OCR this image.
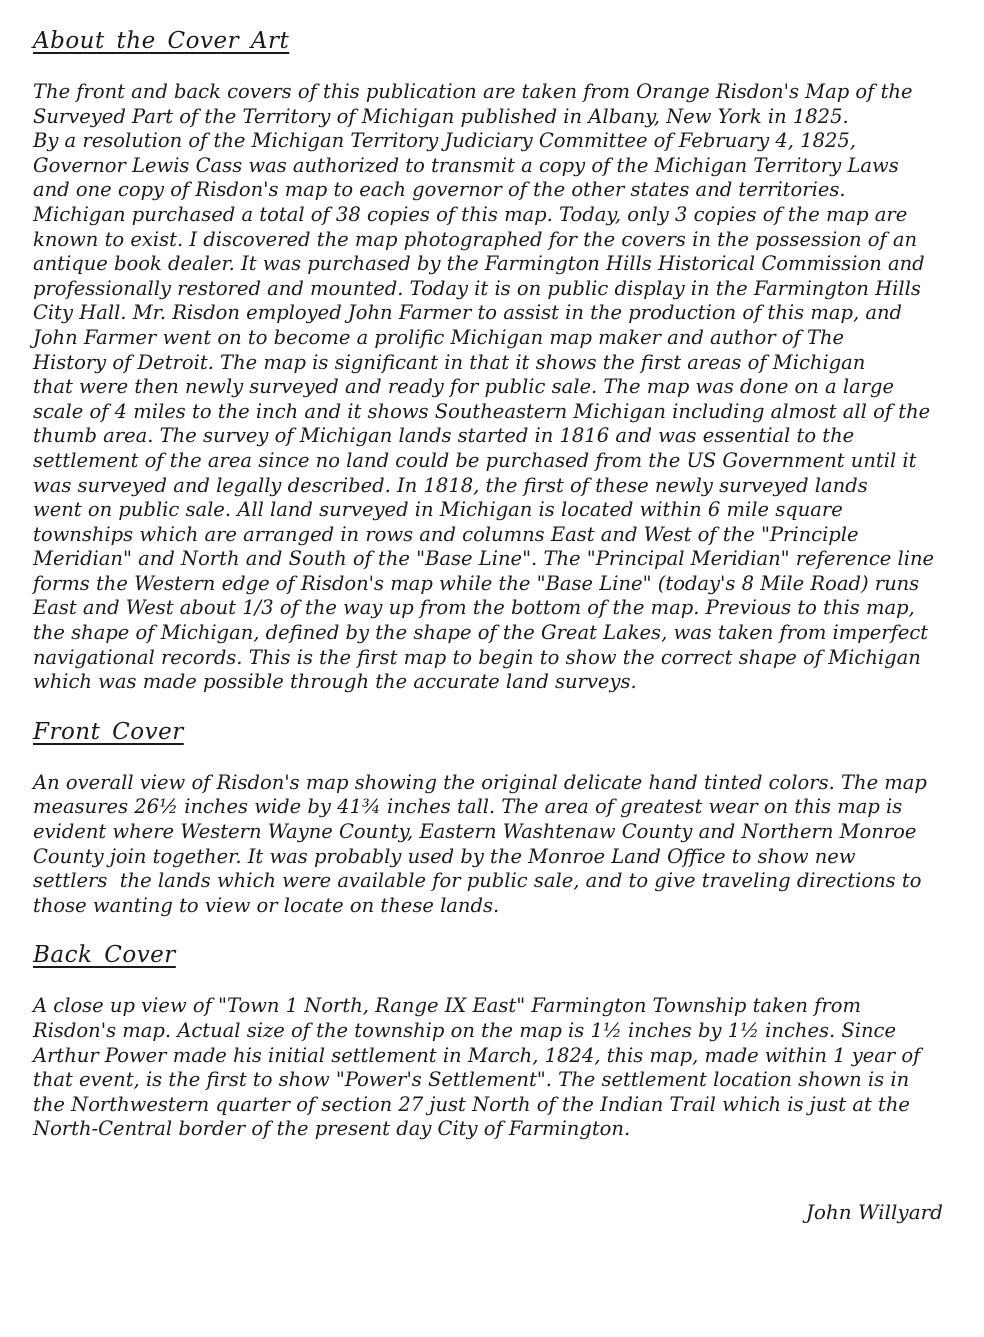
About the Cover Art
The front and back covers of this publication are taken from Orange Risdon's Map of the
Surveyed Part of the Territory of Michigan published in Albany, New York in 1825.
By a resolution of the Michigan Territory Judiciary Committee of February 4, 1825,
Governor Lewis Cass was authorized to transmit a copy of the Michigan Territory Laws
and one copy of Risdon's map to each governor of the other states and territories.
Michigan purchased a total of 38 copies of this map. Today, only 3 copies of the map are
known to exist. I discovered the map photographed for the covers in the possession of an
antique book dealer. It was purchased by the Farmington Hills Historical Commission and
professionally restored and mounted. Today it is on public display in the Farmington Hills
City Hall. Mr. Risdon employed John Farmer to assist in the production of this map, and
John Farmer went on to become a prolific Michigan map maker and author of The
History of Detroit. The map is significant in that it shows the first areas of Michigan
that were then newly surveyed and ready for public sale. The map was done on a large
scale of 4 miles to the inch and it shows Southeastern Michigan including almost all of the
thumb area. The survey of Michigan lands started in 1816 and was essential to the
settlement of the area since no land could be purchased from the US Government until it
was surveyed and legally described. In 1818, the first of these newly surveyed lands
went on public sale. All land surveyed in Michigan is located within 6 mile square
townships which are arranged in rows and columns East and West of the "Principle
Meridian" and North and South of the "Base Line". The "Principal Meridian" reference line
forms the Western edge of Risdon's map while the "Base Line" (today's 8 Mile Road) runs
East and West about 1/3 of the way up from the bottom of the map. Previous to this map,
the shape of Michigan, defined by the shape of the Great Lakes, was taken from imperfect
navigational records. This is the first map to begin to show the correct shape of Michigan
which was made possible through the accurate land surveys.
Front Cover
An overall view of Risdon's map showing the original delicate hand tinted colors. The map
measures 26½ inches wide by 41¾ inches tall. The area of greatest wear on this map is
evident where Western Wayne County, Eastern Washtenaw County and Northern Monroe
County join together. It was probably used by the Monroe Land Office to show new
settlers  the lands which were available for public sale, and to give traveling directions to
those wanting to view or locate on these lands.
Back Cover
A close up view of "Town 1 North, Range IX East" Farmington Township taken from
Risdon's map. Actual size of the township on the map is 1½ inches by 1½ inches. Since
Arthur Power made his initial settlement in March, 1824, this map, made within 1 year of
that event, is the first to show "Power's Settlement". The settlement location shown is in
the Northwestern quarter of section 27 just North of the Indian Trail which is just at the
North-Central border of the present day City of Farmington.
John Willyard
